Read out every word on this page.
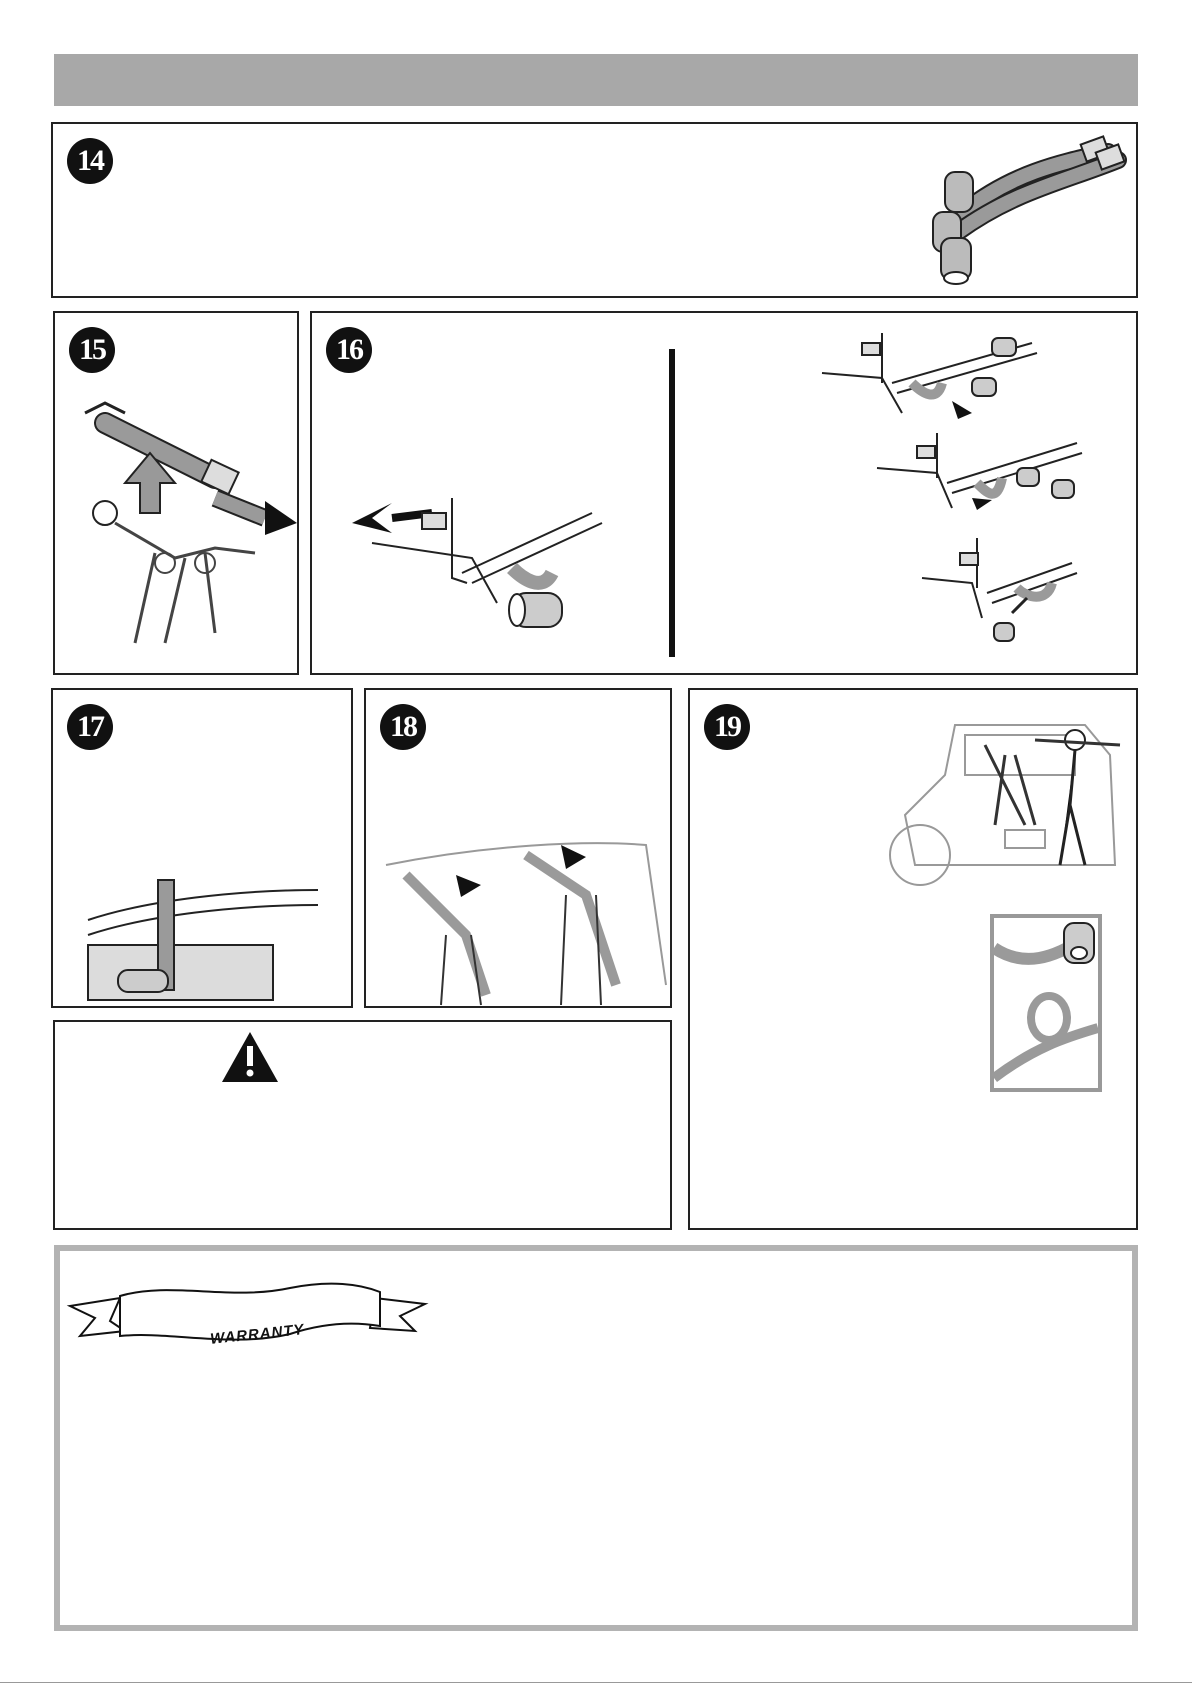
14
15	16
17	18	19
WARRANTY
